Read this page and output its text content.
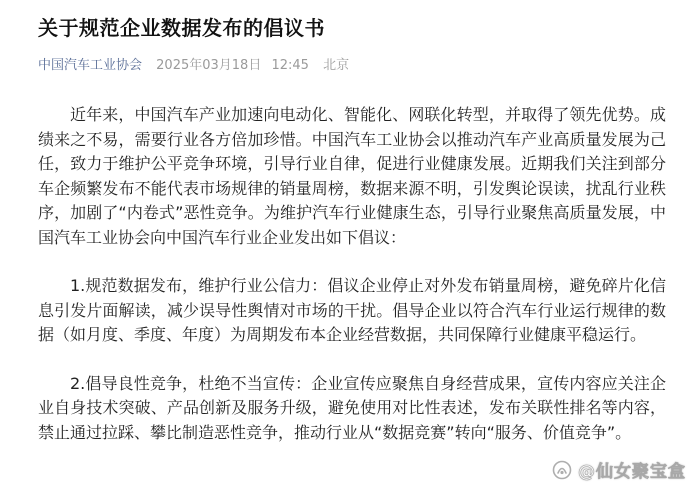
关于规范企业数据发布的倡议书
中国汽车工业协会 2025年03月18日 12:45 北京

近年来，中国汽车产业加速向电动化、智能化、网联化转型，并取得了领先优势。成绩来之不易，需要行业各方倍加珍惜。中国汽车工业协会以推动汽车产业高质量发展为己任，致力于维护公平竞争环境，引导行业自律，促进行业健康发展。近期我们关注到部分车企频繁发布不能代表市场规律的销量周榜，数据来源不明，引发舆论误读，扰乱行业秩序，加剧了“内卷式”恶性竞争。为维护汽车行业健康生态，引导行业聚焦高质量发展，中国汽车工业协会向中国汽车行业企业发出如下倡议：

1.规范数据发布，维护行业公信力：倡议企业停止对外发布销量周榜，避免碎片化信息引发片面解读，减少误导性舆情对市场的干扰。倡导企业以符合汽车行业运行规律的数据（如月度、季度、年度）为周期发布本企业经营数据，共同保障行业健康平稳运行。

2.倡导良性竞争，杜绝不当宣传：企业宣传应聚焦自身经营成果，宣传内容应关注企业自身技术突破、产品创新及服务升级，避免使用对比性表述，发布关联性排名等内容，禁止通过拉踩、攀比制造恶性竞争，推动行业从“数据竞赛”转向“服务、价值竞争”。

@仙女聚宝盒
